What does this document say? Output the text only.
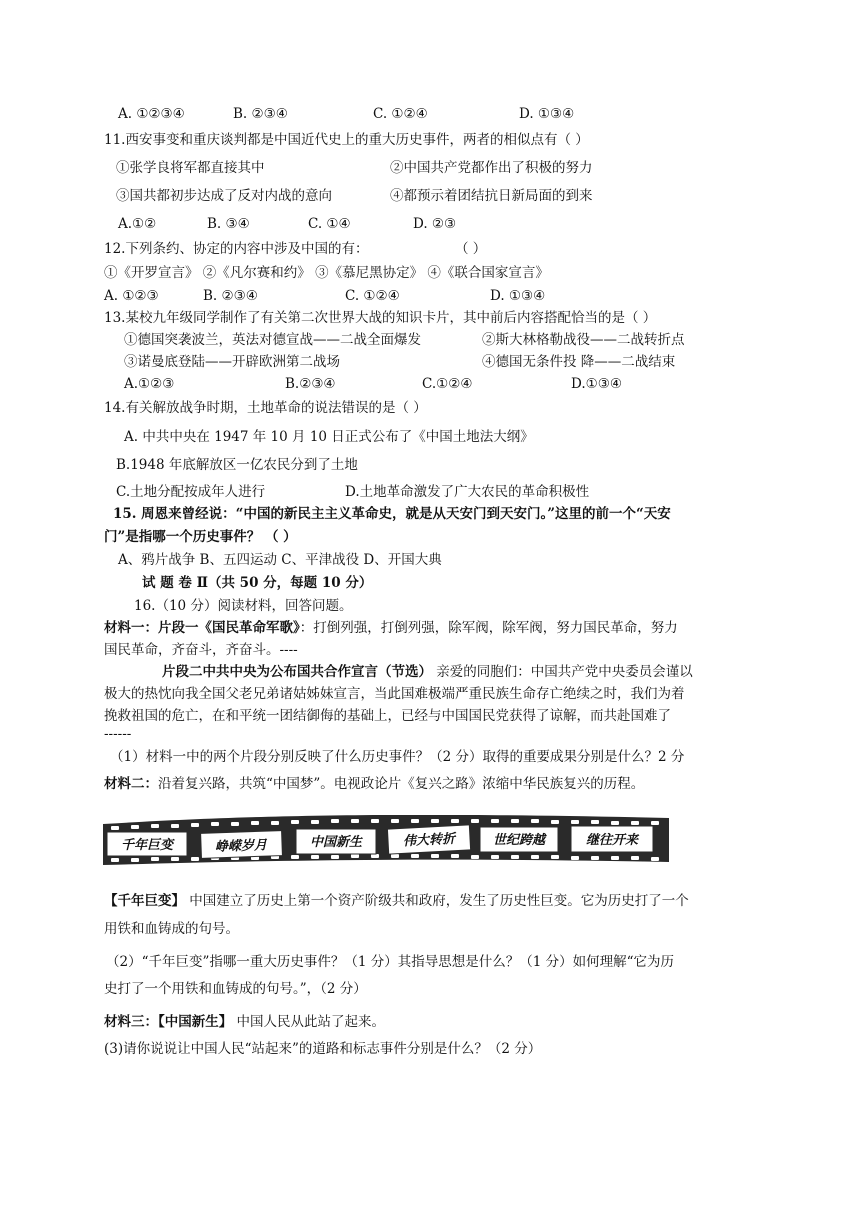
A. ①②③④	B. ②③④	C. ①②④	D. ①③④
11.西安事变和重庆谈判都是中国近代史上的重大历史事件，两者的相似点有（ ）
①张学良将军都直接其中	②中国共产党都作出了积极的努力
③国共都初步达成了反对内战的意向	④都预示着团结抗日新局面的到来
A.①②	B. ③④	C. ①④	D. ②③
12.下列条约、协定的内容中涉及中国的有：	（ ）
①《开罗宣言》 ②《凡尔赛和约》 ③《慕尼黑协定》 ④《联合国家宣言》
A. ①②③	B. ②③④	C. ①②④	D. ①③④
13.某校九年级同学制作了有关第二次世界大战的知识卡片，其中前后内容搭配恰当的是（ ）
①德国突袭波兰，英法对德宣战——二战全面爆发	②斯大林格勒战役——二战转折点
③诺曼底登陆——开辟欧洲第二战场	④德国无条件投 降——二战结束
A.①②③	B.②③④	C.①②④	D.①③④
14.有关解放战争时期，土地革命的说法错误的是（ ）
A. 中共中央在 1947 年 10 月 10 日正式公布了《中国土地法大纲》
B.1948 年底解放区一亿农民分到了土地
C.土地分配按成年人进行	D.土地革命激发了广大农民的革命积极性
15. 周恩来曾经说：“中国的新民主主义革命史，就是从天安门到天安门。”这里的前一个“天安
门”是指哪一个历史事件？ （ ）
A、鸦片战争 B、五四运动 C、平津战役 D、开国大典
试 题 卷 Ⅱ（共 50 分，每题 10 分）
16.（10 分）阅读材料，回答问题。
材料一：片段一《国民革命军歌》：打倒列强，打倒列强，除军阀，除军阀，努力国民革命，努力
国民革命，齐奋斗，齐奋斗。----
片段二中共中央为公布国共合作宣言（节选） 亲爱的同胞们：中国共产党中央委员会谨以
极大的热忱向我全国父老兄弟诸姑姊妹宣言，当此国难极端严重民族生命存亡绝续之时，我们为着
挽救祖国的危亡，在和平统一团结御侮的基础上，已经与中国国民党获得了谅解，而共赴国难了
------
（1）材料一中的两个片段分别反映了什么历史事件？（2 分）取得的重要成果分别是什么？2 分
材料二：沿着复兴路，共筑“中国梦”。电视政论片《复兴之路》浓缩中华民族复兴的历程。
千年巨变	峥嵘岁月	中国新生	伟大转折	世纪跨越	继往开来
【千年巨变】 中国建立了历史上第一个资产阶级共和政府，发生了历史性巨变。它为历史打了一个
用铁和血铸成的句号。
（2）“千年巨变”指哪一重大历史事件？（1 分）其指导思想是什么？（1 分）如何理解“它为历
史打了一个用铁和血铸成的句号。”，（2 分）
材料三：【中国新生】 中国人民从此站了起来。
(3)请你说说让中国人民“站起来”的道路和标志事件分别是什么？（2 分）
